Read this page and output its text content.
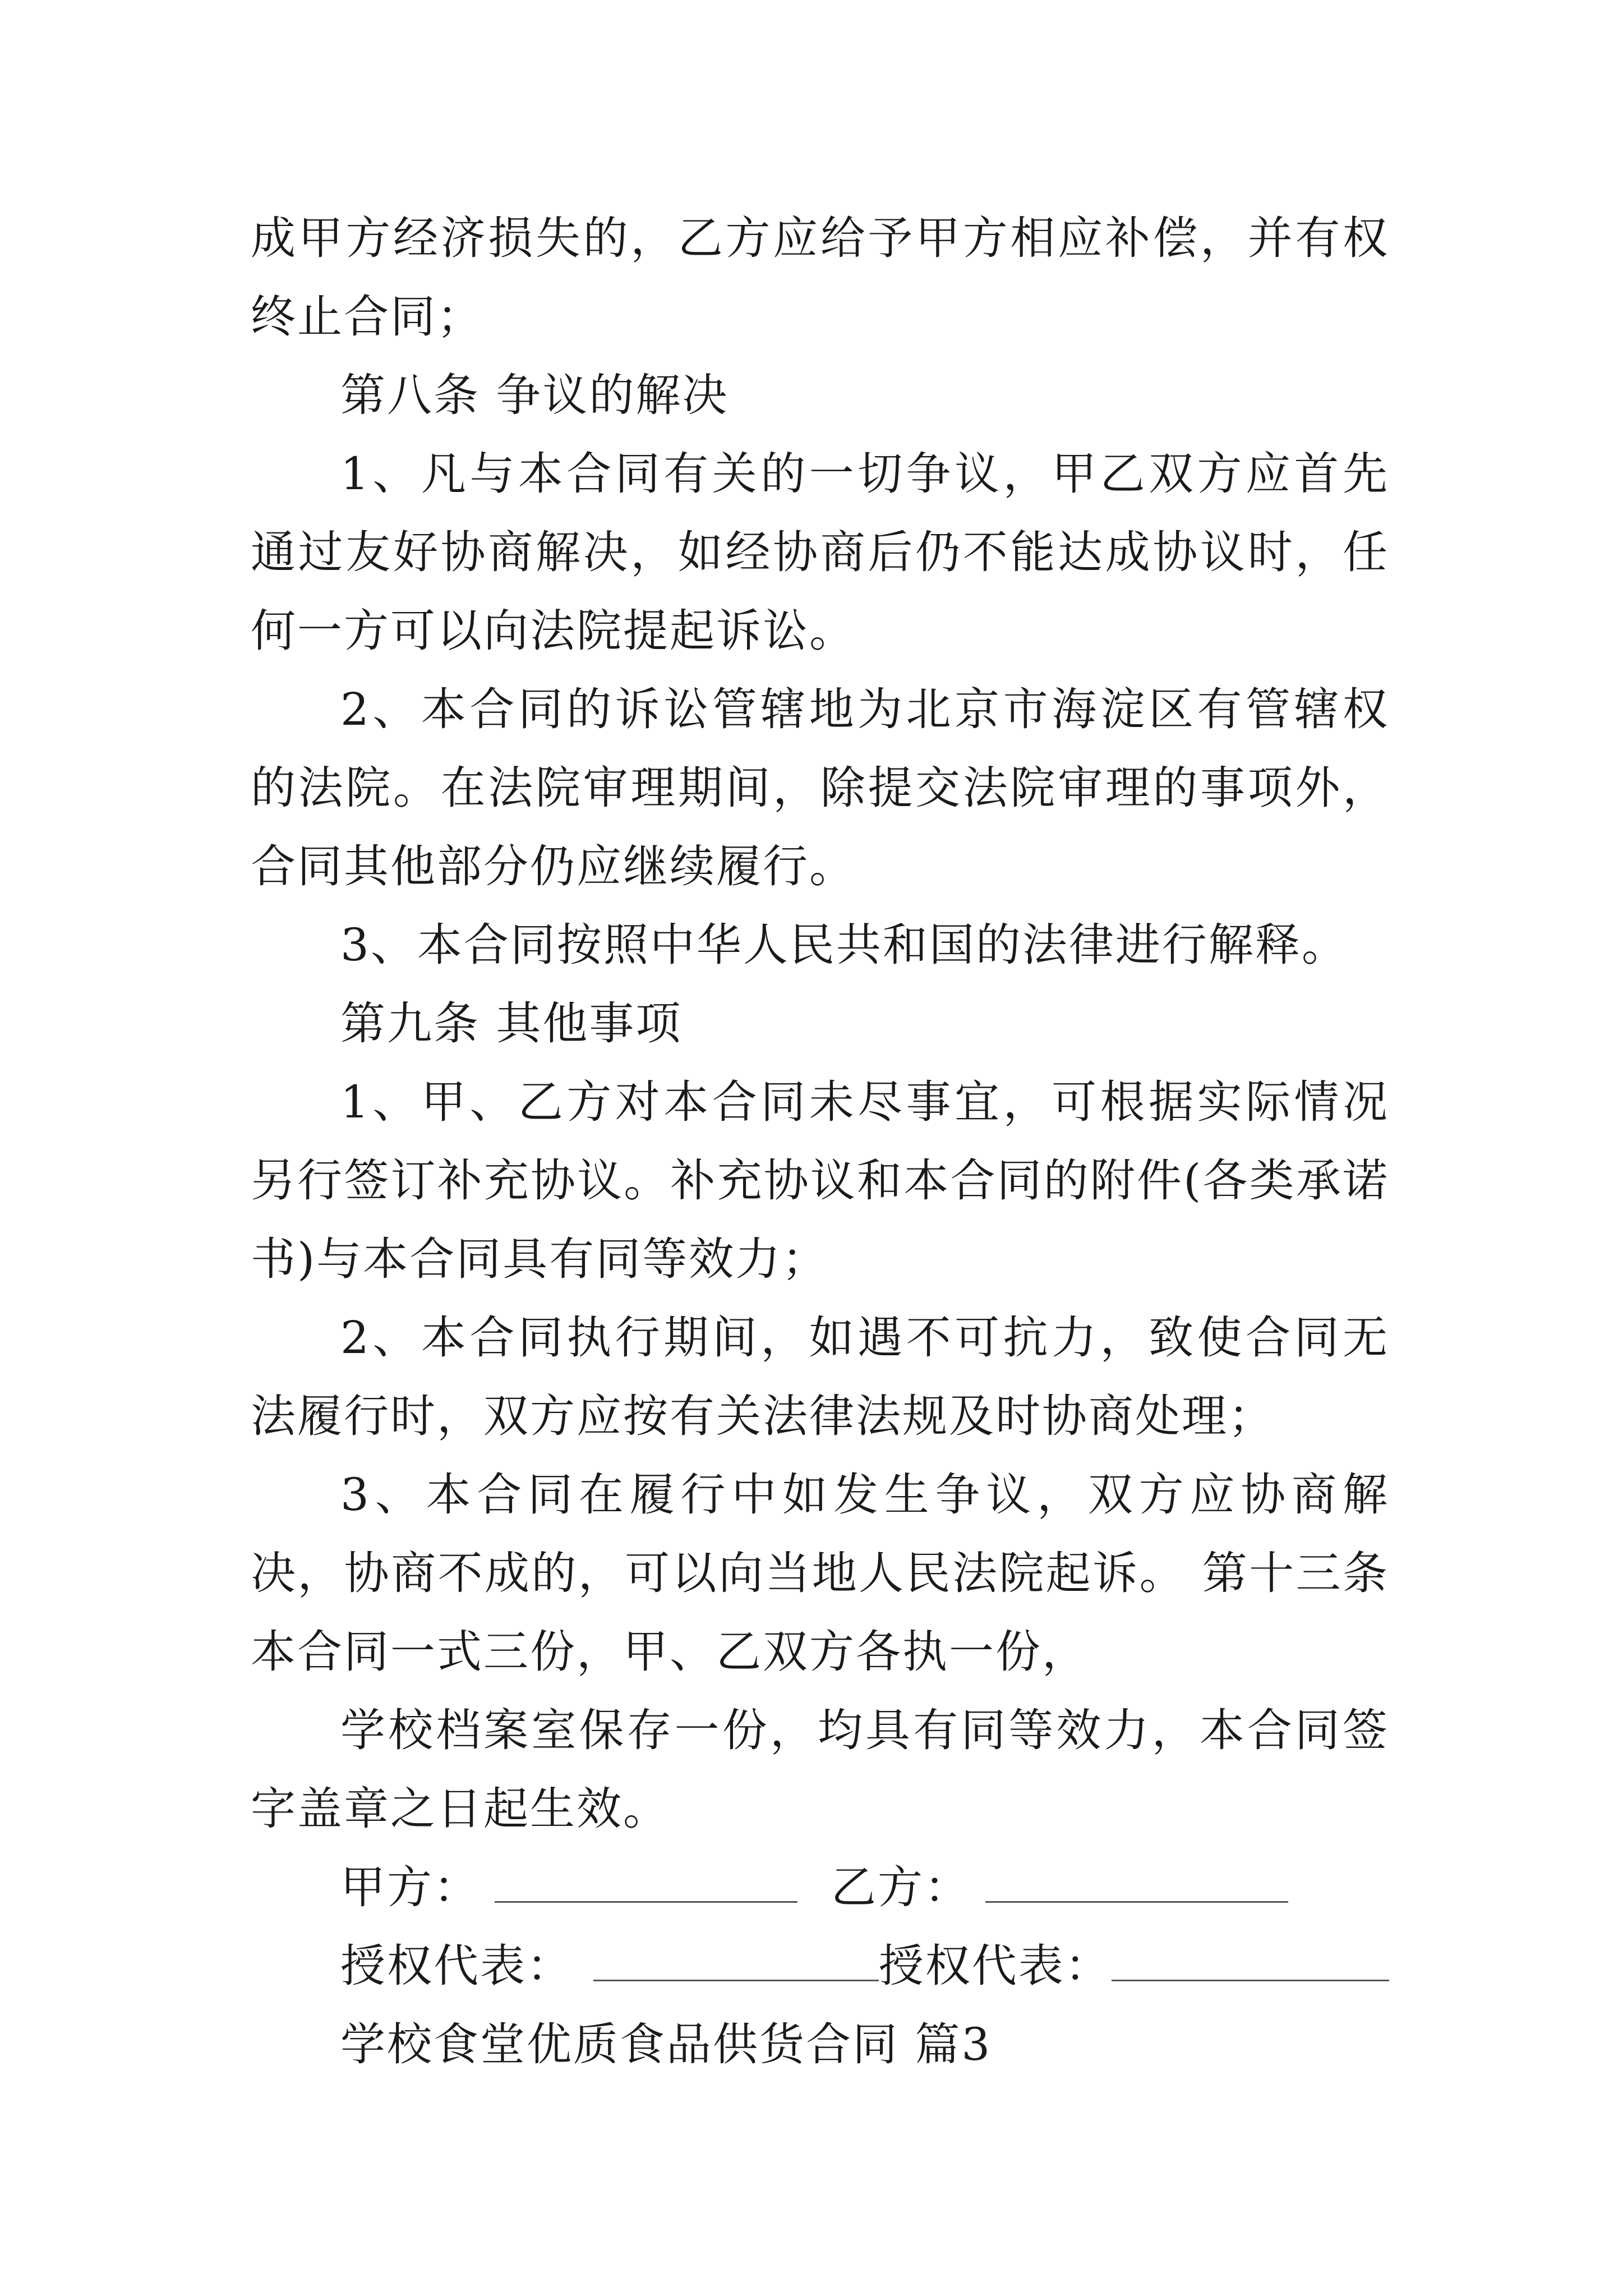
成甲方经济损失的，乙方应给予甲方相应补偿，并有权终止合同；

第八条 争议的解决

1、凡与本合同有关的一切争议，甲乙双方应首先通过友好协商解决，如经协商后仍不能达成协议时，任何一方可以向法院提起诉讼。

2、本合同的诉讼管辖地为北京市海淀区有管辖权的法院。在法院审理期间，除提交法院审理的事项外，合同其他部分仍应继续履行。

3、本合同按照中华人民共和国的法律进行解释。

第九条 其他事项

1、甲、乙方对本合同未尽事宜，可根据实际情况另行签订补充协议。补充协议和本合同的附件(各类承诺书)与本合同具有同等效力；

2、本合同执行期间，如遇不可抗力，致使合同无法履行时，双方应按有关法律法规及时协商处理；

3、本合同在履行中如发生争议，双方应协商解决，协商不成的，可以向当地人民法院起诉。 第十三条 本合同一式三份，甲、乙双方各执一份，

学校档案室保存一份，均具有同等效力，本合同签字盖章之日起生效。

甲方：	乙方：
授权代表：	授权代表：

学校食堂优质食品供货合同 篇3
